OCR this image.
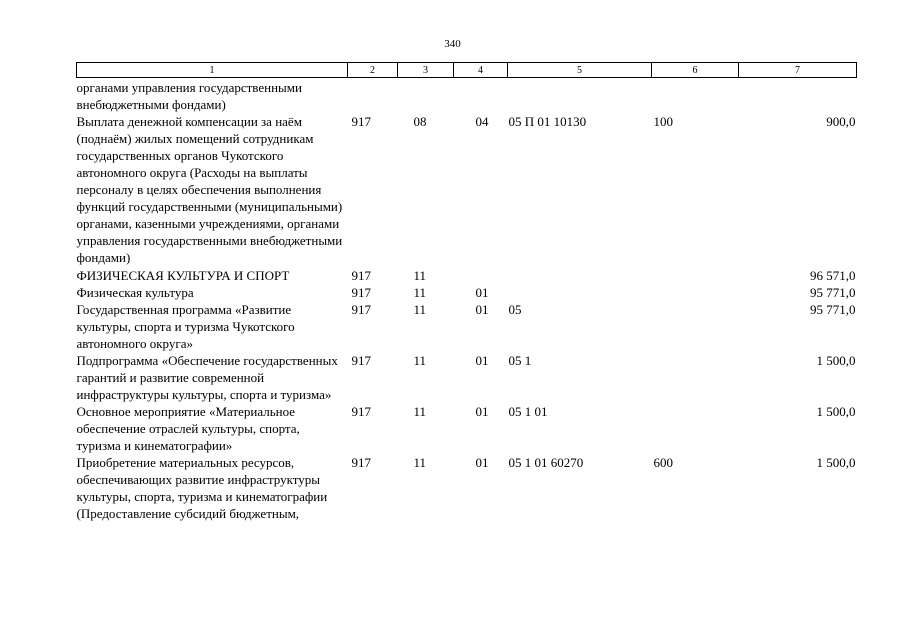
340
1	2	3	4	5	6	7
органами управления государственными внебюджетными фондами)						
Выплата денежной компенсации за наём (поднаём) жилых помещений сотрудникам государственных органов Чукотского автономного округа (Расходы на выплаты персоналу в целях обеспечения выполнения функций государственными (муниципальными) органами, казенными учреждениями, органами управления государственными внебюджетными фондами)	917	08	04	05 П 01 10130	100	900,0
ФИЗИЧЕСКАЯ КУЛЬТУРА И СПОРТ	917	11				96 571,0
Физическая культура	917	11	01			95 771,0
Государственная программа «Развитие культуры, спорта и туризма Чукотского автономного округа»	917	11	01	05		95 771,0
Подпрограмма «Обеспечение государственных гарантий и развитие современной инфраструктуры культуры, спорта и туризма»	917	11	01	05 1		1 500,0
Основное мероприятие «Материальное обеспечение отраслей культуры, спорта, туризма и кинематографии»	917	11	01	05 1 01		1 500,0
Приобретение материальных ресурсов, обеспечивающих развитие инфраструктуры культуры, спорта, туризма и кинематографии (Предоставление субсидий бюджетным,	917	11	01	05 1 01 60270	600	1 500,0
